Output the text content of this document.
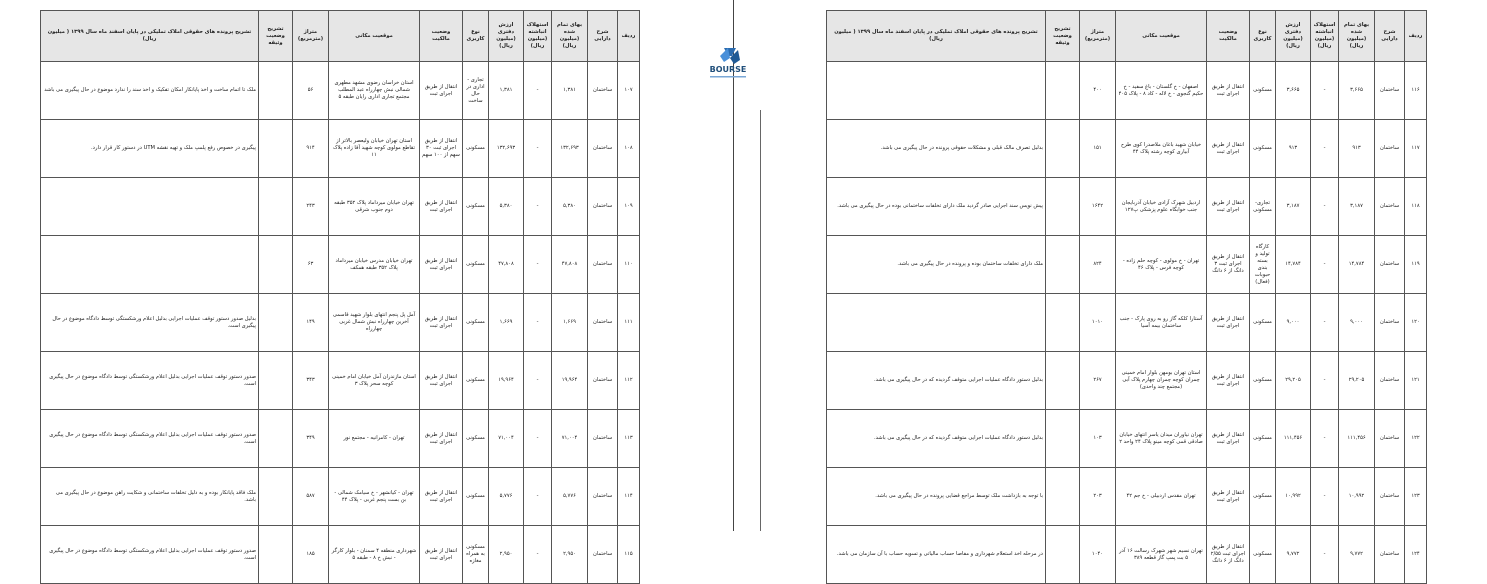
ردیف	شرح دارایی	بهای تمام شده (میلیون ریال)	استهلاک انباشته (میلیون ریال)	ارزش دفتری (میلیون ریال)	نوع کاربری	وضعیت مالکیت	موقعیت مکانی	متراژ (مترمربع)	تشریح وضعیت وثیقه	تشریح پرونده های حقوقی املاک تملیکی در پایان اسفند ماه سال ۱۳۹۹ ( میلیون ریال)
۱۰۷	ساختمان	۱,۳۸۱	-	۱,۳۸۱	تجاری - اداری در حال ساخت	انتقال از طریق اجرای ثبت	استان خراسان رضوی مشهد مطهری شمالی نبش چهارراه عبد المطلب مجتمع تجاری اداری رایان طبقه ۵	۵۶		ملک تا اتمام ساخت و اخذ پایانکار امکان تفکیک و اخذ سند را ندارد موضوع در حال پیگیری می باشد
۱۰۸	ساختمان	۱۳۲,۶۹۳	-	۱۳۲,۶۹۳	مسکونی	انتقال از طریق اجرای ثبت ۳۰ سهم از ۱۰۰ سهم	استان تهران خیابان ولیعصر بالاتر از تقاطع مولوی کوچه شهید آقا زاده پلاک ۱۱	۹۱۴		پیگیری در خصوص رفع پلمپ ملک و تهیه نقشه UTM در دستور کار قرار دارد.
۱۰۹	ساختمان	۵,۳۸۰	-	۵,۳۸۰	مسکونی	انتقال از طریق اجرای ثبت	تهران خیابان میرداماد پلاک ۳۵۲ طبقه دوم جنوب شرقی	۲۴۳		
۱۱۰	ساختمان	۴۷,۸۰۸	-	۴۷,۸۰۸	مسکونی	انتقال از طریق اجرای ثبت	تهران خیابان مدرس خیابان میرداماد پلاک ۳۵۲ طبقه همکف	۶۳		
۱۱۱	ساختمان	۱,۶۶۹	-	۱,۶۶۹	مسکونی	انتقال از طریق اجرای ثبت	آمل پل پنجم انتهای بلوار شهید قاسمی آخرین چهارراه نبش شمال غربی چهارراه	۱۴۹		بدلیل صدور دستور توقف عملیات اجرایی بدلیل اعلام ورشکستگی توسط دادگاه موضوع در حال پیگیری است.
۱۱۲	ساختمان	۱۹,۹۶۴	-	۱۹,۹۶۴	مسکونی	انتقال از طریق اجرای ثبت	استان مازندران آمل خیابان امام خمینی کوچه سحر پلاک ۳	۳۴۳		صدور دستور توقف عملیات اجرایی بدلیل اعلام ورشکستگی توسط دادگاه موضوع در حال پیگیری است.
۱۱۳	ساختمان	۷۱,۰۰۴	-	۷۱,۰۰۴	مسکونی	انتقال از طریق اجرای ثبت	تهران - کامرانیه - مجتمع نور	۳۴۹		صدور دستور توقف عملیات اجرایی بدلیل اعلام ورشکستگی توسط دادگاه موضوع در حال پیگیری است.
۱۱۴	ساختمان	۵,۷۷۶	-	۵,۷۷۶	مسکونی	انتقال از طریق اجرای ثبت	تهران - کیانشهر - خ سیامک شمالی - بن بست پنجم غربی - پلاک ۴۴	۵۸۷		ملک فاقد پایانکار بوده و به دلیل تخلفات ساختمانی و شکایت راهن موضوع در حال پیگیری می باشد.
۱۱۵	ساختمان	۲,۹۵۰	-	۲,۹۵۰	مسکونی به همراه مغازه	انتقال از طریق اجرای ثبت	شهرداری منطقه ۴ سمنان - بلوار کارگر - نبش خ ۸ - طبقه ۵	۱۸۵		صدور دستور توقف عملیات اجرایی بدلیل اعلام ورشکستگی توسط دادگاه موضوع در حال پیگیری است.
BOURSE
ردیف	شرح دارایی	بهای تمام شده (میلیون ریال)	استهلاک انباشته (میلیون ریال)	ارزش دفتری (میلیون ریال)	نوع کاربری	وضعیت مالکیت	موقعیت مکانی	متراژ (مترمربع)	تشریح وضعیت وثیقه	تشریح پرونده های حقوقی املاک تملیکی در پایان اسفند ماه سال ۱۳۹۹ ( میلیون ریال)
۱۱۶	ساختمان	۳,۶۶۵	-	۳,۶۶۵	مسکونی	انتقال از طریق اجرای ثبت	اصفهان - خ گلستان - باغ سفید - خ حکیم گنجوی - خ لاله - کاد ۸ - پلاک ۴۰۵	۴۰۰		
۱۱۷	ساختمان	۹۱۳	-	۹۱۳	مسکونی	انتقال از طریق اجرای ثبت	خیابان شهید باغان ملاصدرا کوی طرح آبیاری کوچه رشته پلاک ۴۴	۱۵۱		بدلیل تصرف مالک قبلی و مشکلات حقوقی پرونده در حال پیگیری می باشد.
۱۱۸	ساختمان	۳,۱۸۷	-	۳,۱۸۷	تجاری- مسکونی	انتقال از طریق اجرای ثبت	اردبیل شهرک آزادی خیابان آذربایجان جنب خوابگاه علوم پزشکی پ۱۲۷	۱۶۴۲		پیش نویس سند اجرایی صادر گردید ملک دارای تخلفات ساختمانی بوده در حال پیگیری می باشد.
۱۱۹	ساختمان	۱۴,۷۸۴	-	۱۴,۷۸۴	کارگاه تولید و بسته بندی حبوبات (فعال)	انتقال از طریق اجرای ثبت ۳ دانگ از ۶ دانگ	تهران - خ مولوی - کوچه حلم زاده - کوچه فرس - پلاک ۴۶	۸۲۴		ملک دارای تخلفات ساختمان بوده و پرونده در حال پیگیری می باشد.
۱۲۰	ساختمان	۹,۰۰۰	-	۹,۰۰۰	مسکونی	انتقال از طریق اجرای ثبت	آستارا کلکه گاز رو به روی پارک - جنب ساختمان بیمه آسیا	۱۰۱۰		
۱۲۱	ساختمان	۲۹,۲۰۵	-	۲۹,۲۰۵	مسکونی	انتقال از طریق اجرای ثبت	استان تهران بومهن بلوار امام خمینی چمران کوچه چمران چهارم پلاک آبی (مجتمع چند واحدی)	۲۶۷		بدلیل دستور دادگاه عملیات اجرایی متوقف گردیده که در حال پیگیری می باشد.
۱۲۲	ساختمان	۱۱۱,۴۵۶	-	۱۱۱,۴۵۶	مسکونی	انتقال از طریق اجرای ثبت	تهران نیاوران میدان یاسر انتهای خیابان صادقی قمی کوچه مینو پلاک ۲۴ واحد ۲	۱۰۳		بدلیل دستور دادگاه عملیات اجرایی متوقف گردیده که در حال پیگیری می باشد.
۱۲۳	ساختمان	۱۰,۹۹۲	-	۱۰,۹۹۲	مسکونی	انتقال از طریق اجرای ثبت	تهران مقدس اردبیلی - خ جم ۴۲	۲۰۳		با توجه به بازداشت ملک توسط مراجع قضایی پرونده در حال پیگیری می باشد.
۱۲۴	ساختمان	۹,۷۷۲	-	۹,۷۷۲	مسکونی	انتقال از طریق اجرای ثبت ۲/۵۵ دانگ از ۶ دانگ	تهران نسیم شهر شهرک رسالت ۱۶ آذر ۵ بت پمپ گاز قطعه ۳۸۹	۱۰۴۰		در مرحله اخذ استعلام شهرداری و مفاصا حساب مالیاتی و تسویه حساب با آن سازمان می باشد.
